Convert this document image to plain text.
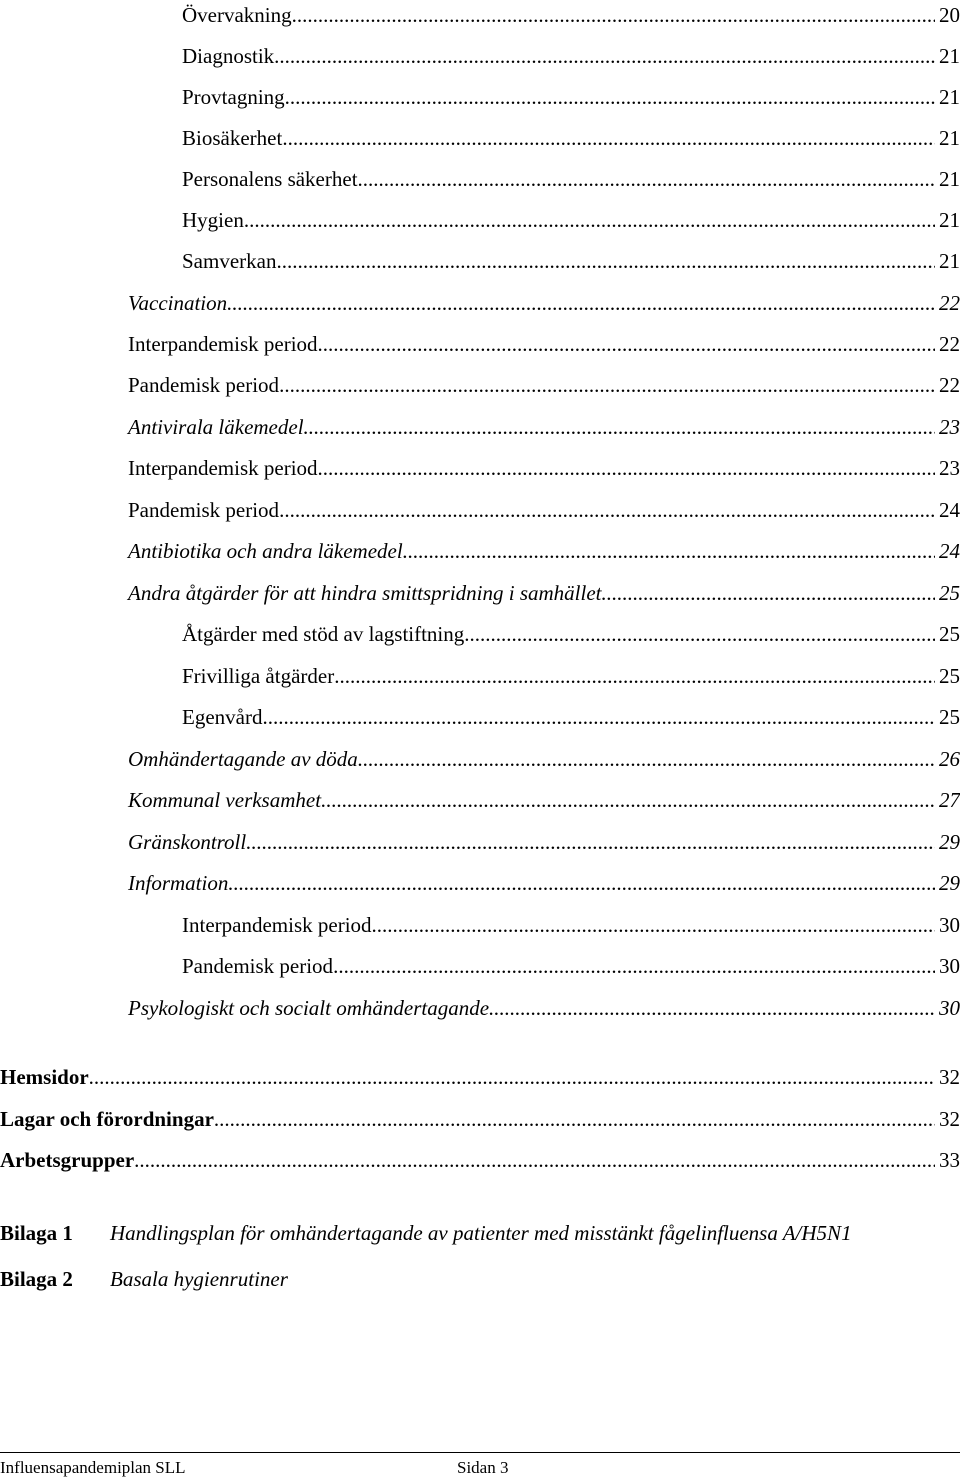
Övervakning .....	20
Diagnostik .....	21
Provtagning .....	21
Biosäkerhet .....	21
Personalens säkerhet .....	21
Hygien .....	21
Samverkan .....	21
Vaccination .....	22
Interpandemisk period .....	22
Pandemisk period .....	22
Antivirala läkemedel .....	23
Interpandemisk period .....	23
Pandemisk period .....	24
Antibiotika och andra läkemedel .....	24
Andra åtgärder för att hindra smittspridning i samhället .....	25
Åtgärder med stöd av lagstiftning .....	25
Frivilliga åtgärder .....	25
Egenvård .....	25
Omhändertagande av döda .....	26
Kommunal verksamhet .....	27
Gränskontroll .....	29
Information .....	29
Interpandemisk period .....	30
Pandemisk period .....	30
Psykologiskt och socialt omhändertagande .....	30
Hemsidor .....	32
Lagar och förordningar .....	32
Arbetsgrupper .....	33
Bilaga 1 Handlingsplan för omhändertagande av patienter med misstänkt fågelinfluensa A/H5N1
Bilaga 2 Basala hygienrutiner
Influensapandemiplan SLL	Sidan 3
